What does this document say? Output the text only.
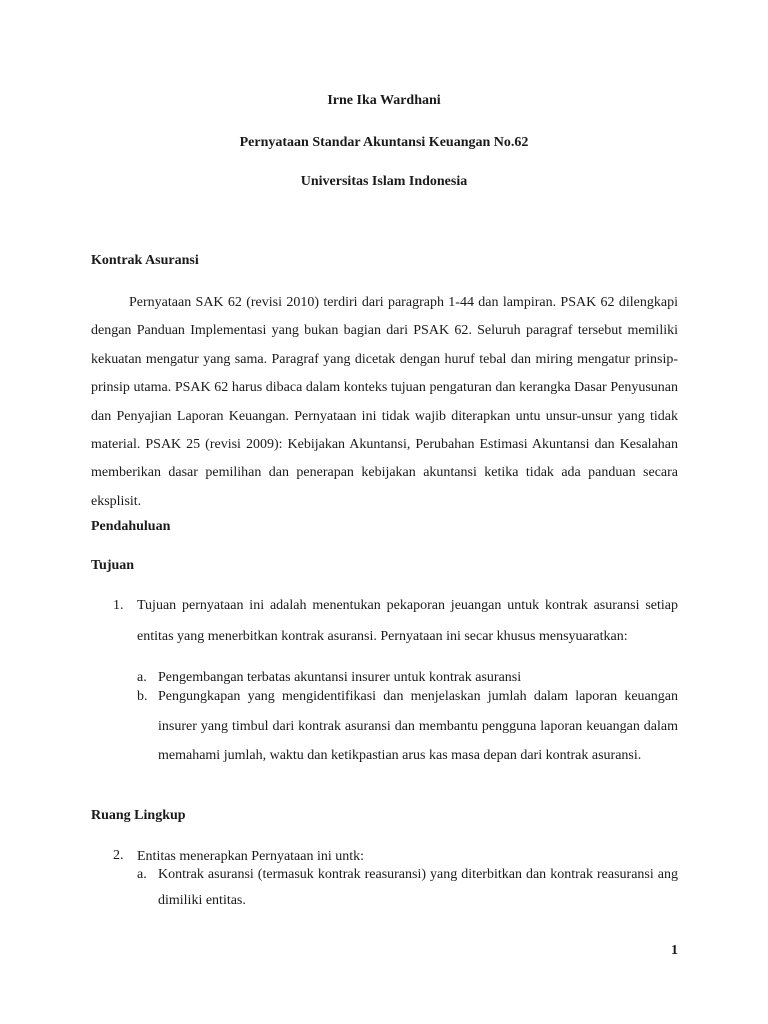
Irne Ika Wardhani
Pernyataan Standar Akuntansi Keuangan No.62
Universitas Islam Indonesia
Kontrak Asuransi

Pernyataan SAK 62 (revisi 2010) terdiri dari paragraph 1-44 dan lampiran. PSAK 62 dilengkapi dengan Panduan Implementasi yang bukan bagian dari PSAK 62. Seluruh paragraf tersebut memiliki kekuatan mengatur yang sama. Paragraf yang dicetak dengan huruf tebal dan miring mengatur prinsip-prinsip utama. PSAK 62 harus dibaca dalam konteks tujuan pengaturan dan kerangka Dasar Penyusunan dan Penyajian Laporan Keuangan. Pernyataan ini tidak wajib diterapkan untu unsur-unsur yang tidak material. PSAK 25 (revisi 2009): Kebijakan Akuntansi, Perubahan Estimasi Akuntansi dan Kesalahan memberikan dasar pemilihan dan penerapan kebijakan akuntansi ketika tidak ada panduan secara eksplisit.

Pendahuluan
Tujuan
1. Tujuan pernyataan ini adalah menentukan pekaporan jeuangan untuk kontrak asuransi setiap entitas yang menerbitkan kontrak asuransi. Pernyataan ini secar khusus mensyuaratkan:

a. Pengembangan terbatas akuntansi insurer untuk kontrak asuransi

b. Pengungkapan yang mengidentifikasi dan menjelaskan jumlah dalam laporan keuangan insurer yang timbul dari kontrak asuransi dan membantu pengguna laporan keuangan dalam memahami jumlah, waktu dan ketikpastian arus kas masa depan dari kontrak asuransi.

Ruang Lingkup
2. Entitas menerapkan Pernyataan ini untk:

a. Kontrak asuransi (termasuk kontrak reasuransi) yang diterbitkan dan kontrak reasuransi ang dimiliki entitas.

1
